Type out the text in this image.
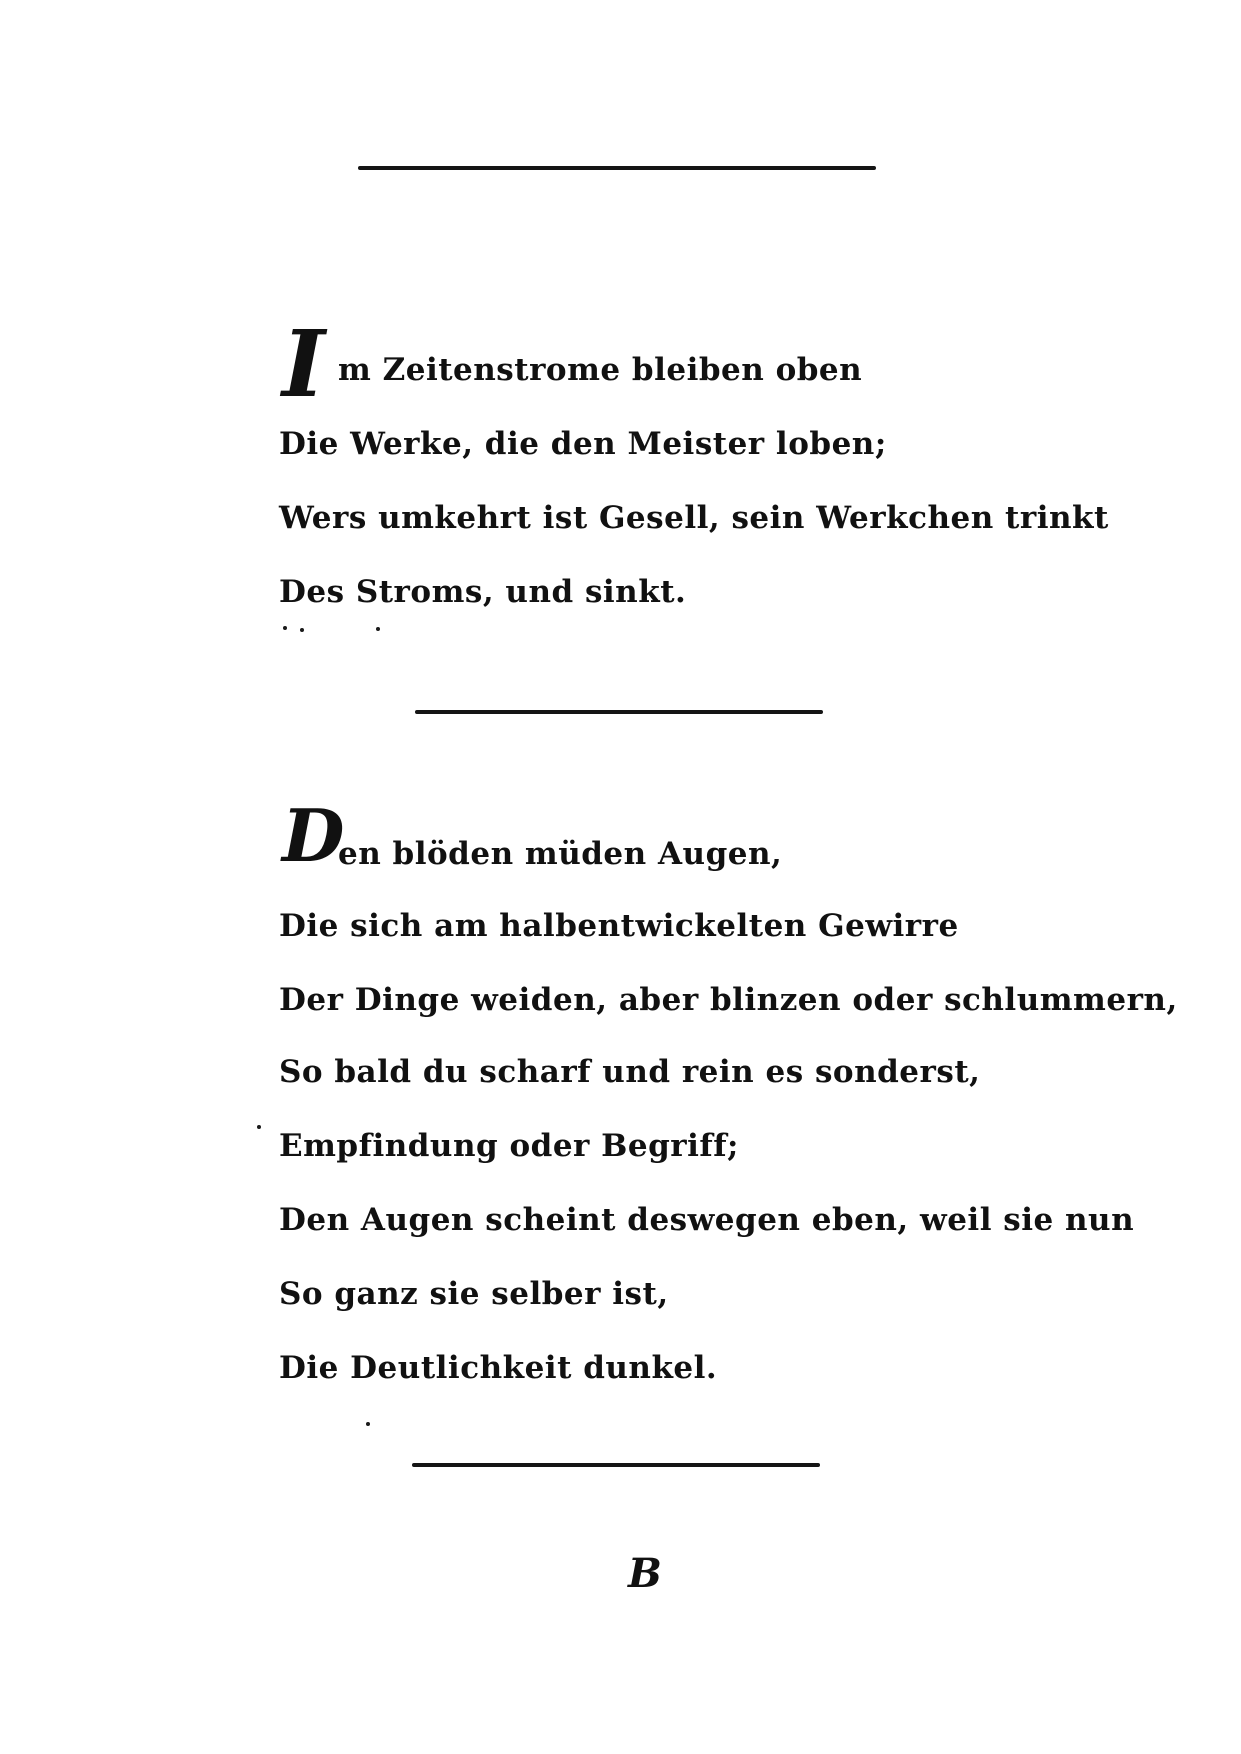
I m Zeitenstrome bleiben oben
Die Werke, die den Meister loben;
Wers umkehrt ist Gesell, sein Werkchen trinkt
Des Stroms, und sinkt.
D
en blöden müden Augen,
Die sich am halbentwickelten Gewirre
Der Dinge weiden, aber blinzen oder schlummern,
So bald du scharf und rein es sonderst,
Empfindung oder Begriff;
Den Augen scheint deswegen eben, weil sie nun
So ganz sie selber ist,
Die Deutlichkeit dunkel.
B
